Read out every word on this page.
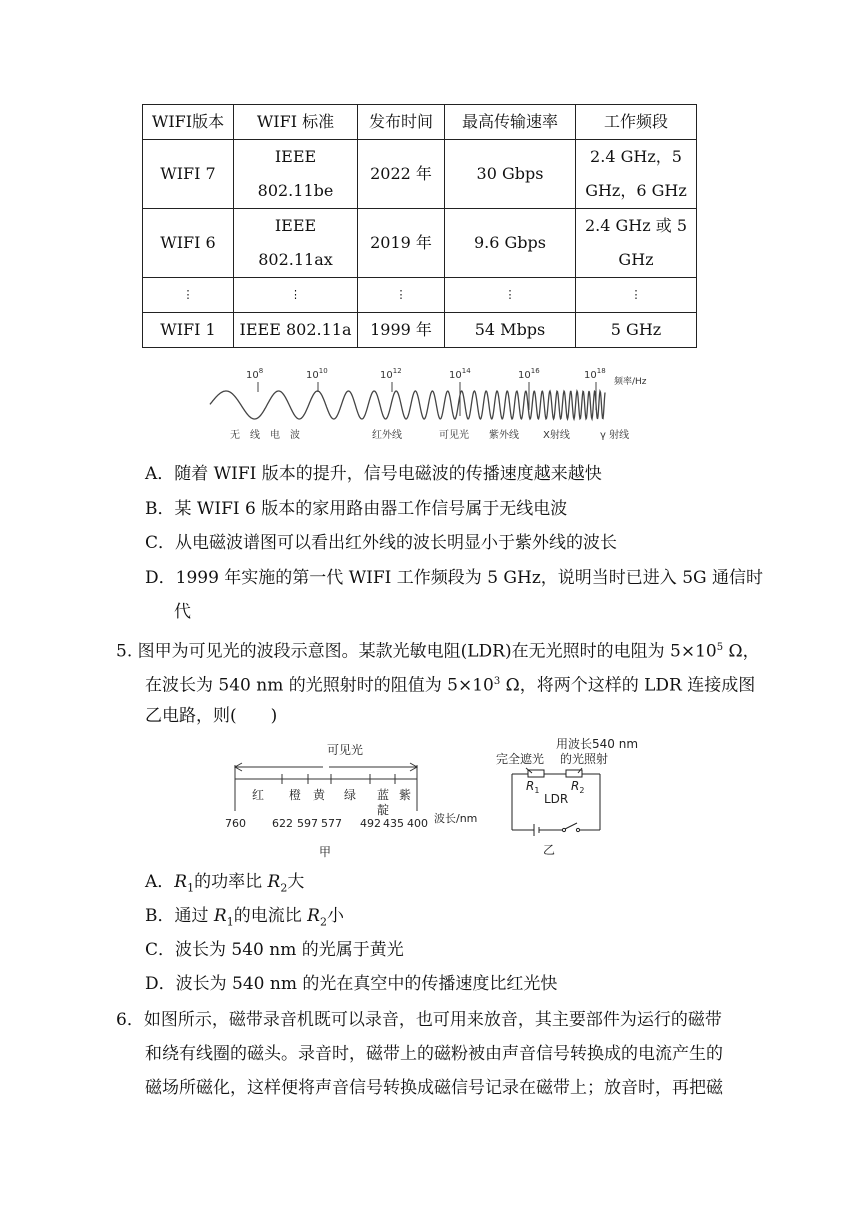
WIFI版本	WIFI 标准	发布时间	最高传输速率	工作频段
WIFI 7	IEEE 802.11be	2022 年	30 Gbps	2.4 GHz，5
GHz，6 GHz

WIFI 6	IEEE 802.11ax	2019 年	9.6 Gbps	2.4 GHz 或 5
GHz

⋮	⋮	⋮	⋮	⋮
WIFI 1	IEEE 802.11a	1999 年	54 Mbps	5 GHz
$10^8$	$10^{10}$	$10^{12}$	$10^{14}$	$10^{16}$	$10^{18}$
频率/Hz
无　线　电　波	红外线	可见光 紫外线 X射线	γ 射线
A．随着 WIFI 版本的提升，信号电磁波的传播速度越来越快
B．某 WIFI 6 版本的家用路由器工作信号属于无线电波
C．从电磁波谱图可以看出红外线的波长明显小于紫外线的波长
D．1999 年实施的第一代 WIFI 工作频段为 5 GHz，说明当时已进入 5G 通信时
代
5. 图甲为可见光的波段示意图。某款光敏电阻(LDR)在无光照时的电阻为 $5\times 10^5$ Ω，
在波长为 540 nm 的光照射时的阻值为 $5\times 10^3$ Ω，将两个这样的 LDR 连接成图
乙电路，则(　　)
可见光
红 橙 黄 绿 蓝
靛
紫
760 622 597 577 492 435 400 波长/nm
甲
用波长540 nm
的光照射
完全遮光
$R_1$	$R_2$
LDR
乙
A．$R_1$的功率比 $R_2$大
B．通过 $R_1$的电流比 $R_2$小
C．波长为 540 nm 的光属于黄光
D．波长为 540 nm 的光在真空中的传播速度比红光快
6．如图所示，磁带录音机既可以录音，也可用来放音，其主要部件为运行的磁带
和绕有线圈的磁头。录音时，磁带上的磁粉被由声音信号转换成的电流产生的
磁场所磁化，这样便将声音信号转换成磁信号记录在磁带上；放音时，再把磁
